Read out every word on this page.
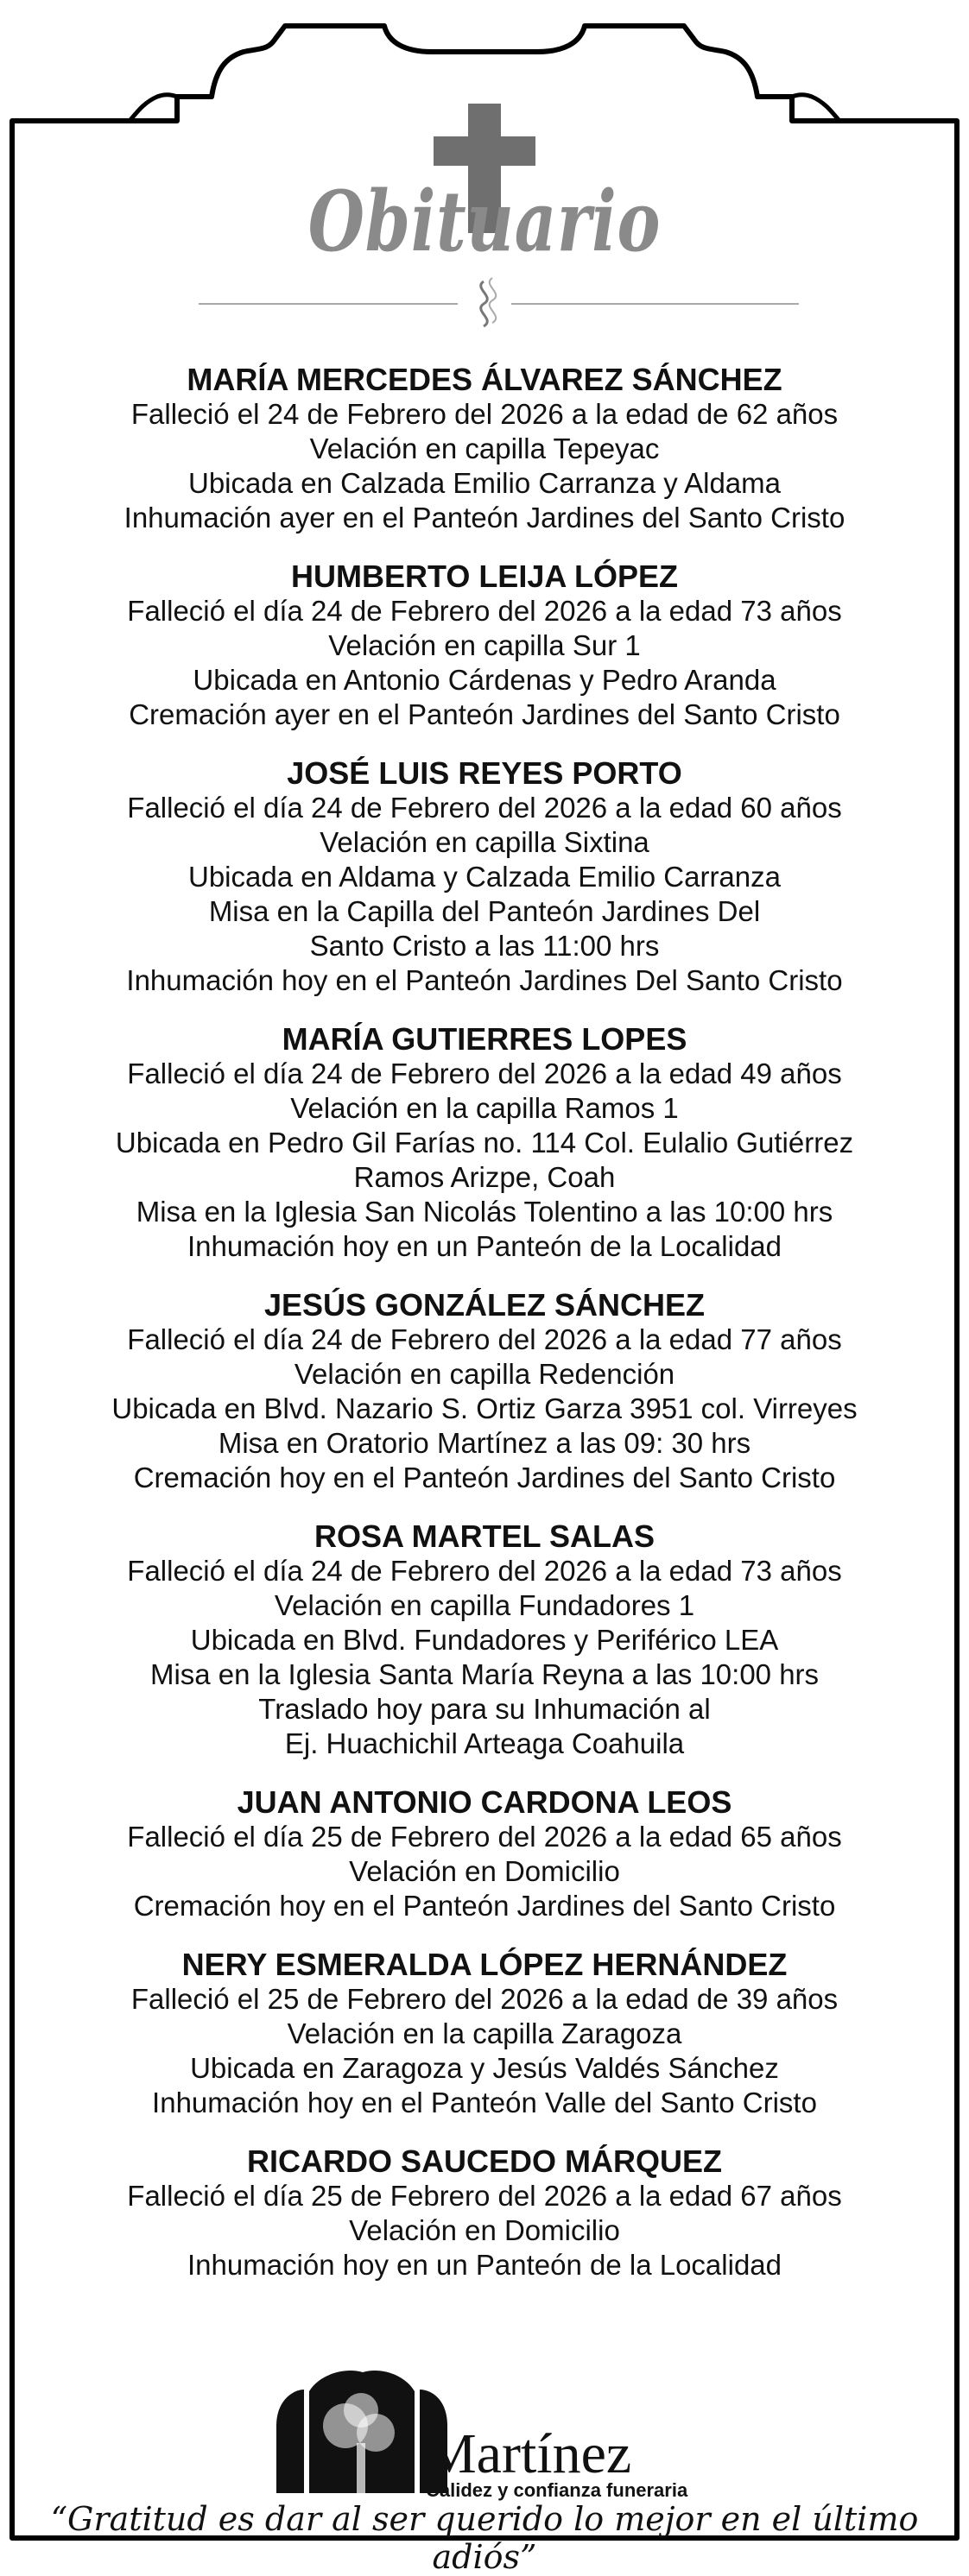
Obituario
MARÍA MERCEDES ÁLVAREZ SÁNCHEZ
Falleció el 24 de Febrero del 2026 a la edad de 62 años
Velación en capilla Tepeyac
Ubicada en Calzada Emilio Carranza y Aldama
Inhumación ayer en el Panteón Jardines del Santo Cristo
HUMBERTO LEIJA LÓPEZ
Falleció el día 24 de Febrero del 2026 a la edad 73 años
Velación en capilla Sur 1
Ubicada en Antonio Cárdenas y Pedro Aranda
Cremación ayer en el Panteón Jardines del Santo Cristo
JOSÉ LUIS REYES PORTO
Falleció el día 24 de Febrero del 2026 a la edad 60 años
Velación en capilla Sixtina
Ubicada en Aldama y Calzada Emilio Carranza
Misa en la Capilla del Panteón Jardines Del
Santo Cristo a las 11:00 hrs
Inhumación hoy en el Panteón Jardines Del Santo Cristo
MARÍA GUTIERRES LOPES
Falleció el día 24 de Febrero del 2026 a la edad 49 años
Velación en la capilla Ramos 1
Ubicada en Pedro Gil Farías no. 114 Col. Eulalio Gutiérrez
Ramos Arizpe, Coah
Misa en la Iglesia San Nicolás Tolentino a las 10:00 hrs
Inhumación hoy en un Panteón de la Localidad
JESÚS GONZÁLEZ SÁNCHEZ
Falleció el día 24 de Febrero del 2026 a la edad 77 años
Velación en capilla Redención
Ubicada en Blvd. Nazario S. Ortiz Garza 3951 col. Virreyes
Misa en Oratorio Martínez a las 09: 30 hrs
Cremación hoy en el Panteón Jardines del Santo Cristo
ROSA MARTEL SALAS
Falleció el día 24 de Febrero del 2026 a la edad 73 años
Velación en capilla Fundadores 1
Ubicada en Blvd. Fundadores y Periférico LEA
Misa en la Iglesia Santa María Reyna a las 10:00 hrs
Traslado hoy para su Inhumación al
Ej. Huachichil Arteaga Coahuila
JUAN ANTONIO CARDONA LEOS
Falleció el día 25 de Febrero del 2026 a la edad 65 años
Velación en Domicilio
Cremación hoy en el Panteón Jardines del Santo Cristo
NERY ESMERALDA LÓPEZ HERNÁNDEZ
Falleció el 25 de Febrero del 2026 a la edad de 39 años
Velación en la capilla Zaragoza
Ubicada en Zaragoza y Jesús Valdés Sánchez
Inhumación hoy en el Panteón Valle del Santo Cristo
RICARDO SAUCEDO MÁRQUEZ
Falleció el día 25 de Febrero del 2026 a la edad 67 años
Velación en Domicilio
Inhumación hoy en un Panteón de la Localidad
Martínez
Calidez y confianza funeraria
“Gratitud es dar al ser querido lo mejor en el último adiós”
